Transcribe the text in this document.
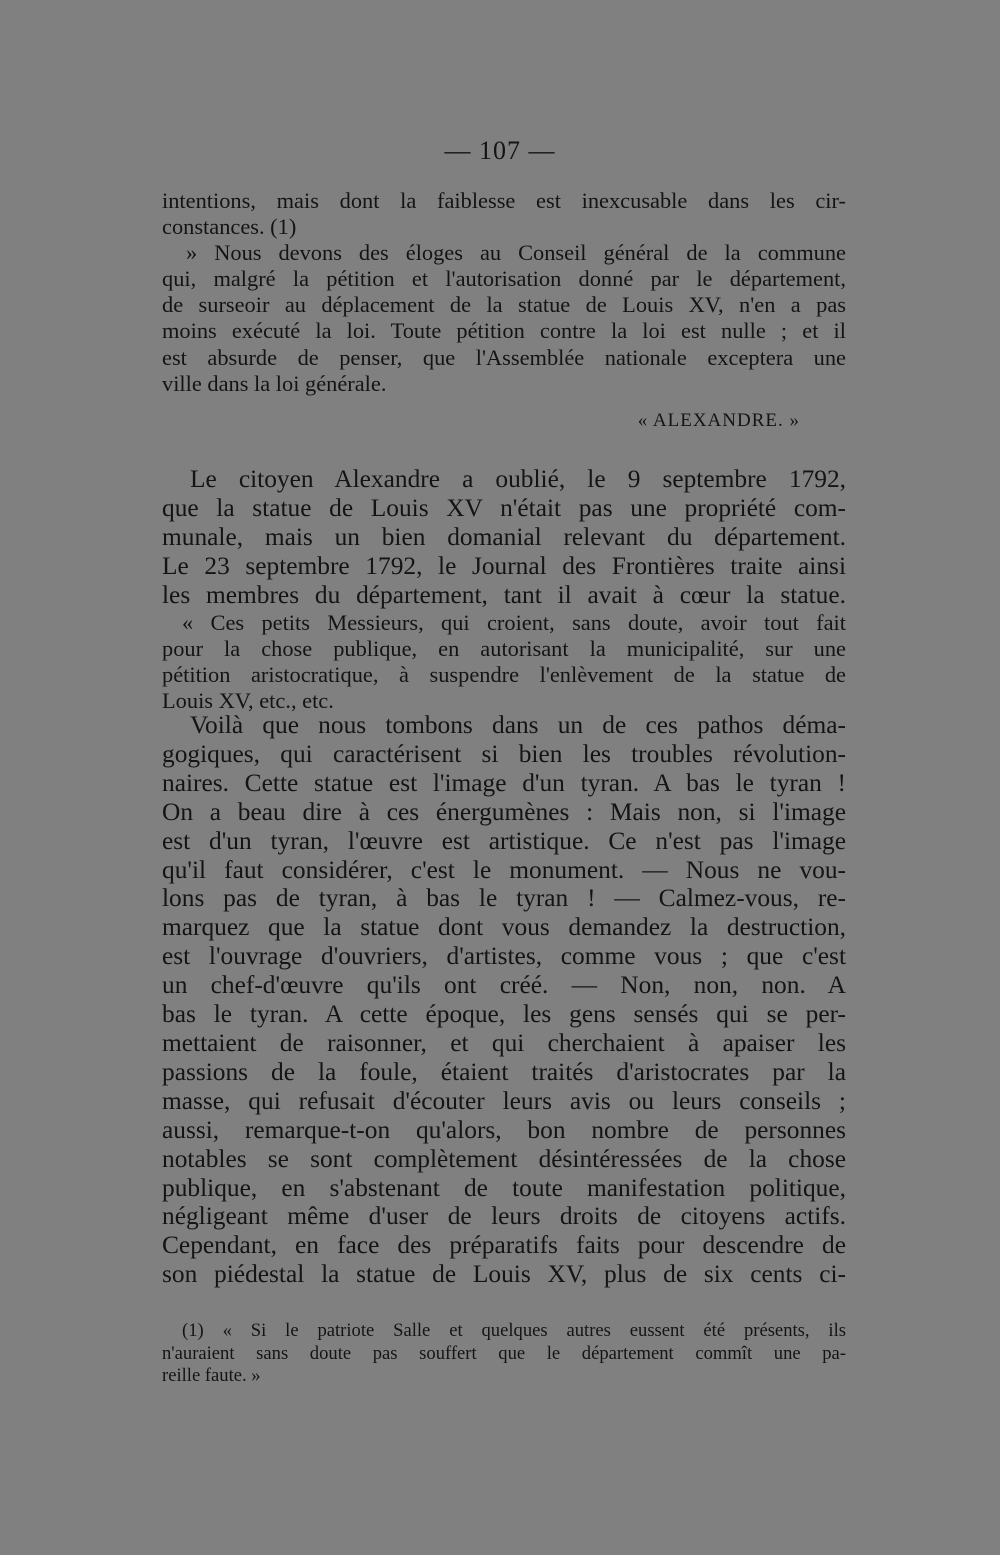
— 107 —
intentions, mais dont la faiblesse est inexcusable dans les cir-
constances. (1)
» Nous devons des éloges au Conseil général de la commune
qui, malgré la pétition et l'autorisation donné par le département,
de surseoir au déplacement de la statue de Louis XV, n'en a pas
moins exécuté la loi. Toute pétition contre la loi est nulle ; et il
est absurde de penser, que l'Assemblée nationale exceptera une
ville dans la loi générale.
« ALEXANDRE. »
Le citoyen Alexandre a oublié, le 9 septembre 1792,
que la statue de Louis XV n'était pas une propriété com-
munale, mais un bien domanial relevant du département.
Le 23 septembre 1792, le Journal des Frontières traite ainsi
les membres du département, tant il avait à cœur la statue.
« Ces petits Messieurs, qui croient, sans doute, avoir tout fait
pour la chose publique, en autorisant la municipalité, sur une
pétition aristocratique, à suspendre l'enlèvement de la statue de
Louis XV, etc., etc.
Voilà que nous tombons dans un de ces pathos déma-
gogiques, qui caractérisent si bien les troubles révolution-
naires. Cette statue est l'image d'un tyran. A bas le tyran !
On a beau dire à ces énergumènes : Mais non, si l'image
est d'un tyran, l'œuvre est artistique. Ce n'est pas l'image
qu'il faut considérer, c'est le monument. — Nous ne vou-
lons pas de tyran, à bas le tyran ! — Calmez-vous, re-
marquez que la statue dont vous demandez la destruction,
est l'ouvrage d'ouvriers, d'artistes, comme vous ; que c'est
un chef-d'œuvre qu'ils ont créé. — Non, non, non. A
bas le tyran. A cette époque, les gens sensés qui se per-
mettaient de raisonner, et qui cherchaient à apaiser les
passions de la foule, étaient traités d'aristocrates par la
masse, qui refusait d'écouter leurs avis ou leurs conseils ;
aussi, remarque-t-on qu'alors, bon nombre de personnes
notables se sont complètement désintéressées de la chose
publique, en s'abstenant de toute manifestation politique,
négligeant même d'user de leurs droits de citoyens actifs.
Cependant, en face des préparatifs faits pour descendre de
son piédestal la statue de Louis XV, plus de six cents ci-
(1) « Si le patriote Salle et quelques autres eussent été présents, ils
n'auraient sans doute pas souffert que le département commît une pa-
reille faute. »
